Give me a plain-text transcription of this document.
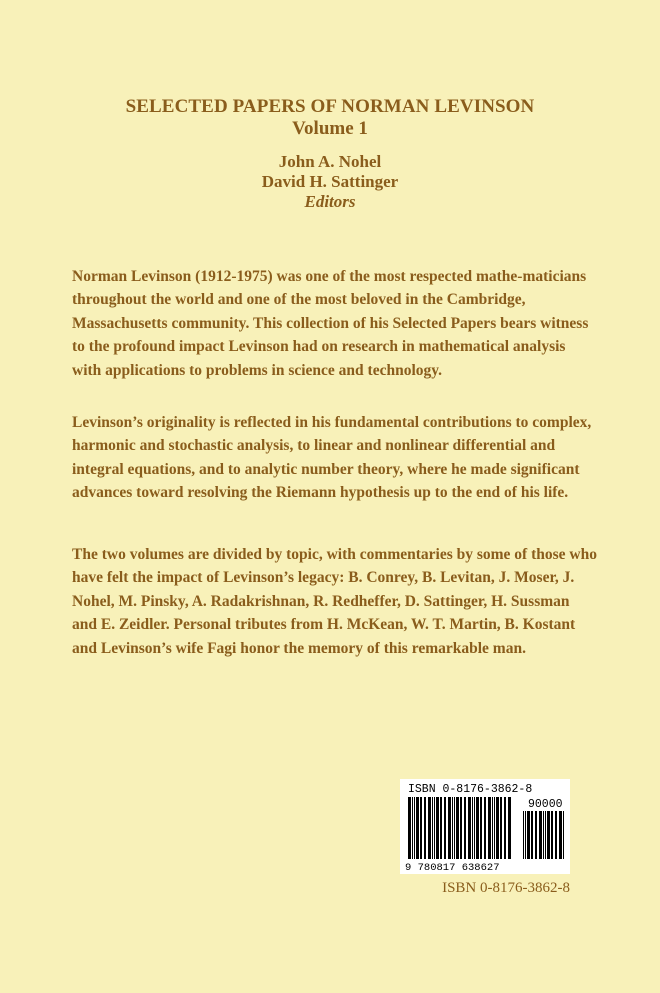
SELECTED PAPERS OF NORMAN LEVINSON
Volume 1
John A. Nohel
David H. Sattinger
Editors

Norman Levinson (1912-1975) was one of the most respected mathe-maticians throughout the world and one of the most beloved in the Cambridge, Massachusetts community. This collection of his Selected Papers bears witness to the profound impact Levinson had on research in mathematical analysis with applications to problems in science and technology.

Levinson’s originality is reflected in his fundamental contributions to complex, harmonic and stochastic analysis, to linear and nonlinear differential and integral equations, and to analytic number theory, where he made significant advances toward resolving the Riemann hypothesis up to the end of his life.

The two volumes are divided by topic, with commentaries by some of those who have felt the impact of Levinson’s legacy: B. Conrey, B. Levitan, J. Moser, J. Nohel, M. Pinsky, A. Radakrishnan, R. Redheffer, D. Sattinger, H. Sussman and E. Zeidler. Personal tributes from H. McKean, W. T. Martin, B. Kostant and Levinson’s wife Fagi honor the memory of this remarkable man.

ISBN 0-8176-3862-8
90000
9 780817 638627
ISBN 0-8176-3862-8
